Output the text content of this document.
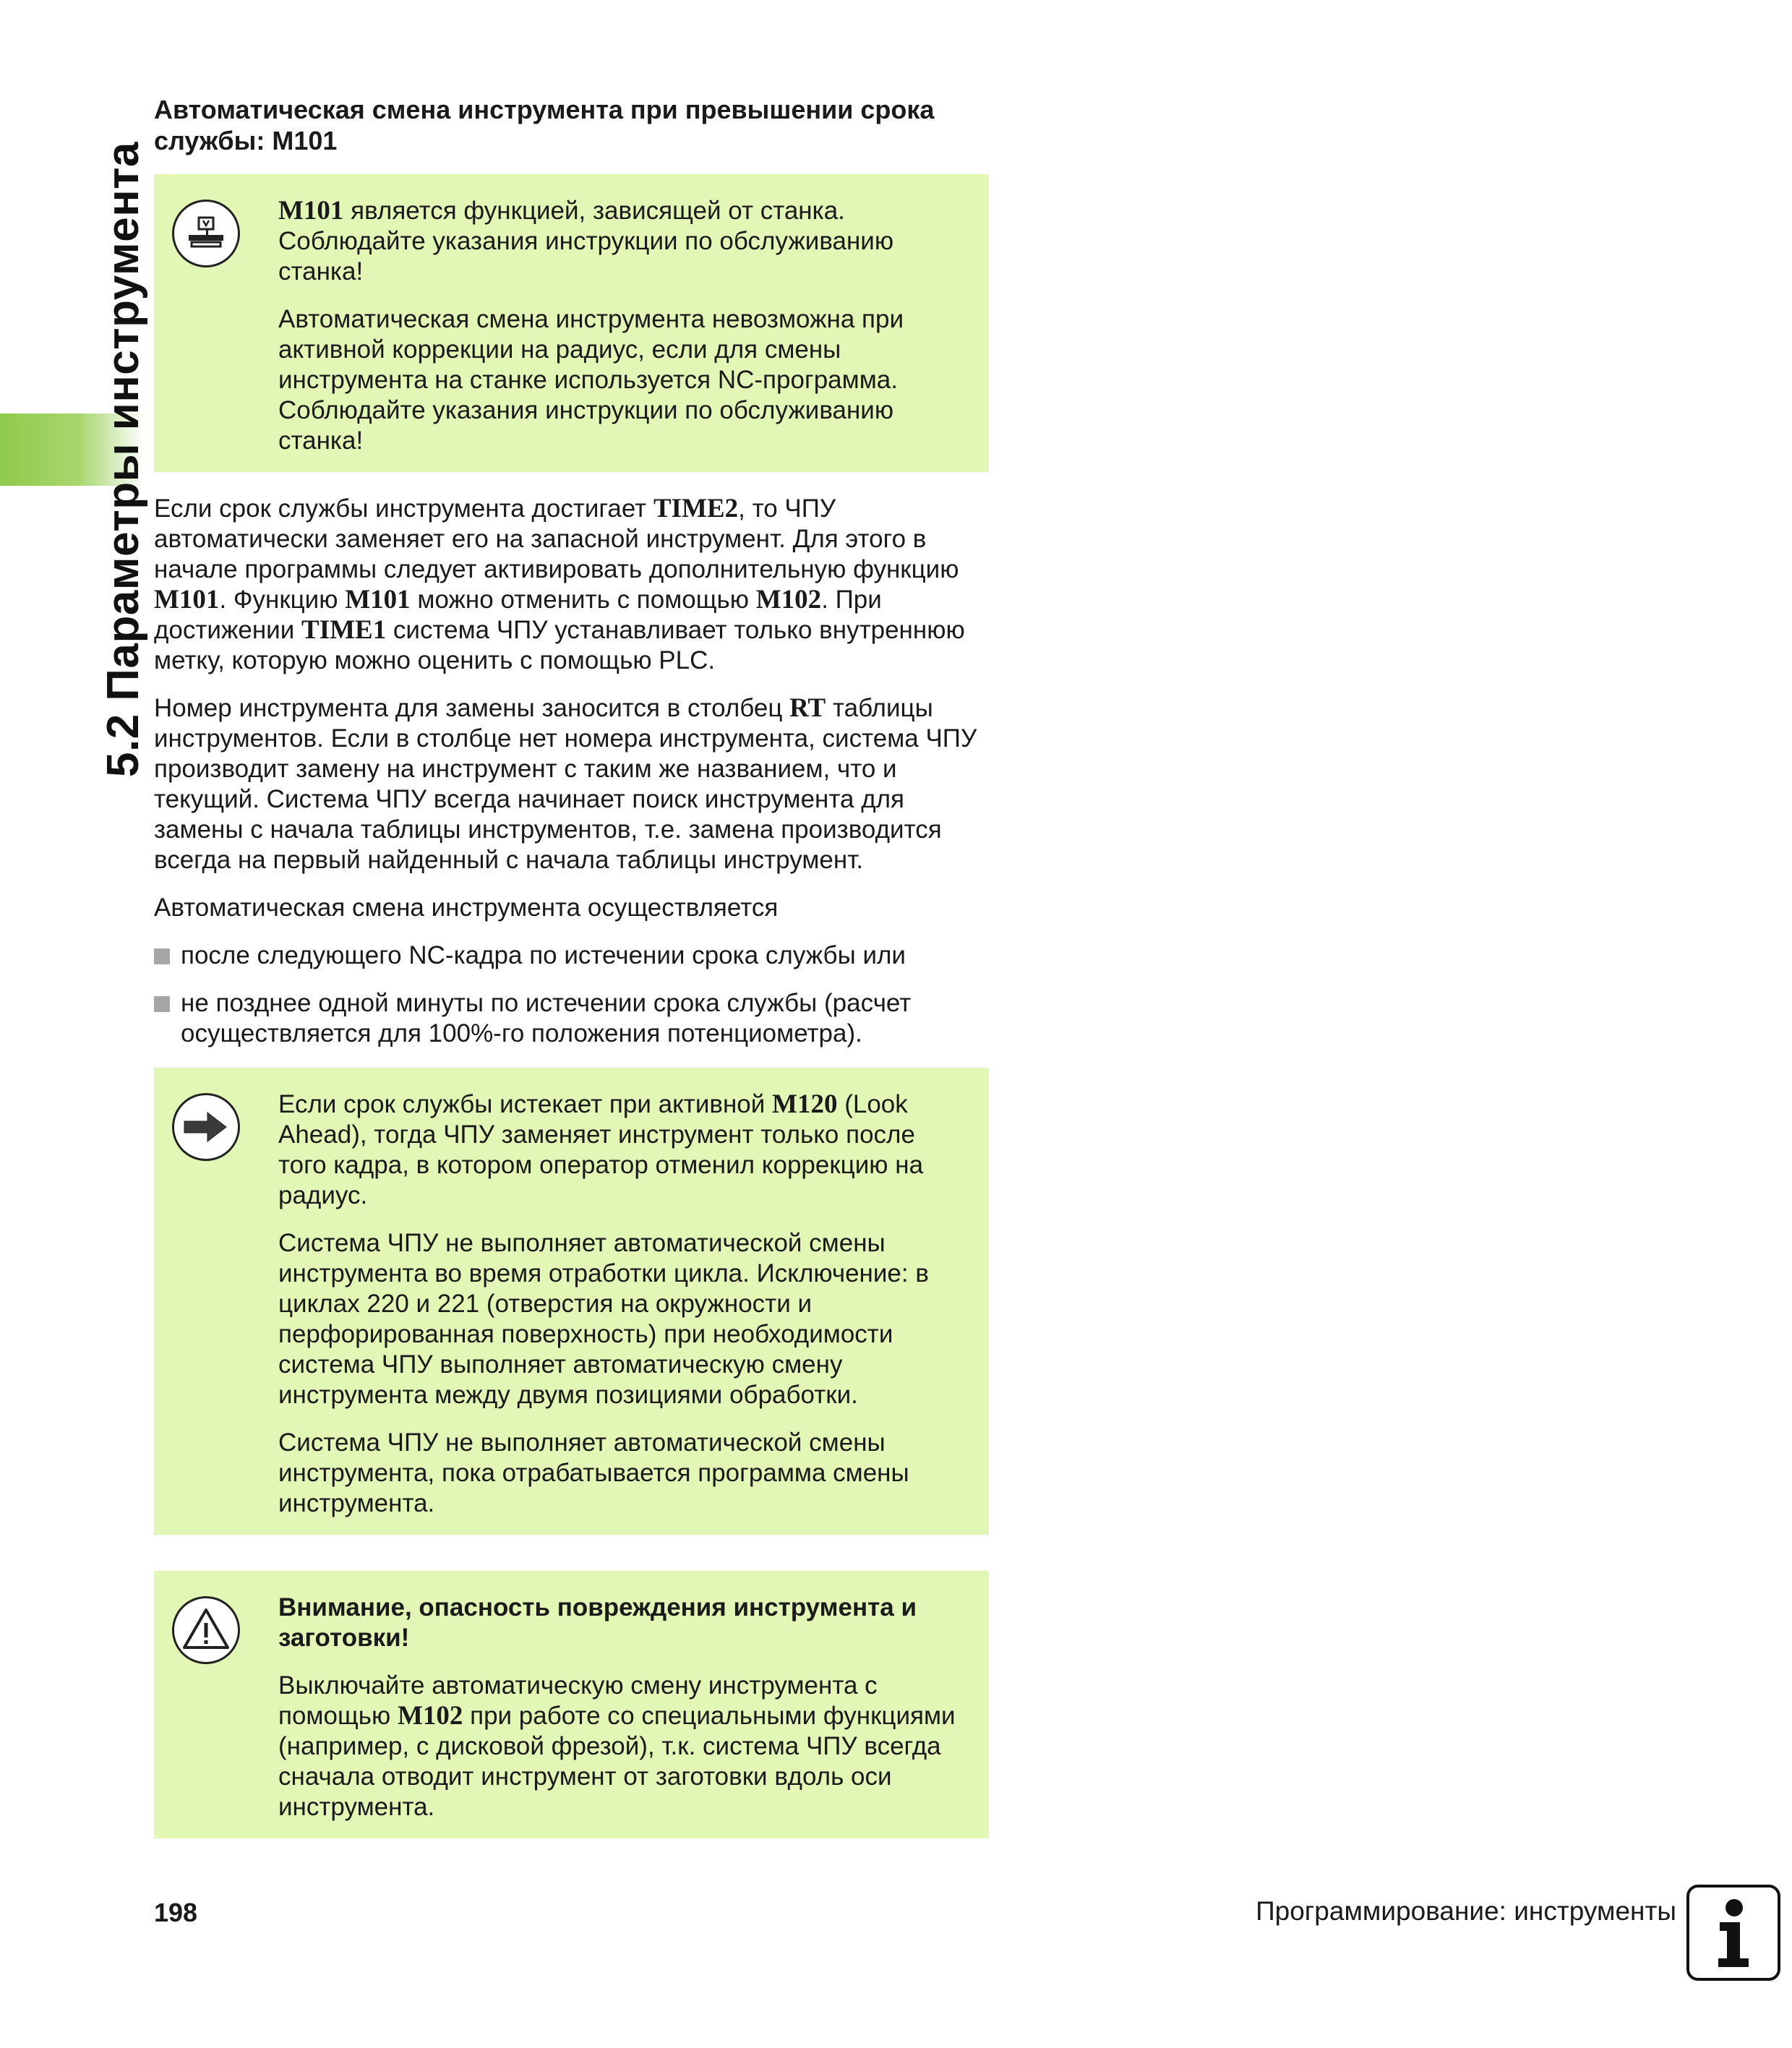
5.2 Параметры инструмента
Автоматическая смена инструмента при превышении срока службы: M101

M101 является функцией, зависящей от станка. Соблюдайте указания инструкции по обслуживанию станка!

Автоматическая смена инструмента невозможна при активной коррекции на радиус, если для смены инструмента на станке используется NC-программа. Соблюдайте указания инструкции по обслуживанию станка!

Если срок службы инструмента достигает TIME2, то ЧПУ автоматически заменяет его на запасной инструмент. Для этого в начале программы следует активировать дополнительную функцию M101. Функцию M101 можно отменить с помощью M102. При достижении TIME1 система ЧПУ устанавливает только внутреннюю метку, которую можно оценить с помощью PLC.

Номер инструмента для замены заносится в столбец RT таблицы инструментов. Если в столбце нет номера инструмента, система ЧПУ производит замену на инструмент с таким же названием, что и текущий. Система ЧПУ всегда начинает поиск инструмента для замены с начала таблицы инструментов, т.е. замена производится всегда на первый найденный с начала таблицы инструмент.

Автоматическая смена инструмента осуществляется

после следующего NC-кадра по истечении срока службы или
не позднее одной минуты по истечении срока службы (расчет осуществляется для 100%-го положения потенциометра).

Если срок службы истекает при активной M120 (Look Ahead), тогда ЧПУ заменяет инструмент только после того кадра, в котором оператор отменил коррекцию на радиус.

Система ЧПУ не выполняет автоматической смены инструмента во время отработки цикла. Исключение: в циклах 220 и 221 (отверстия на окружности и перфорированная поверхность) при необходимости система ЧПУ выполняет автоматическую смену инструмента между двумя позициями обработки.

Система ЧПУ не выполняет автоматической смены инструмента, пока отрабатывается программа смены инструмента.

Внимание, опасность повреждения инструмента и заготовки!

Выключайте автоматическую смену инструмента с помощью M102 при работе со специальными функциями (например, с дисковой фрезой), т.к. система ЧПУ всегда сначала отводит инструмент от заготовки вдоль оси инструмента.

198	Программирование: инструменты
